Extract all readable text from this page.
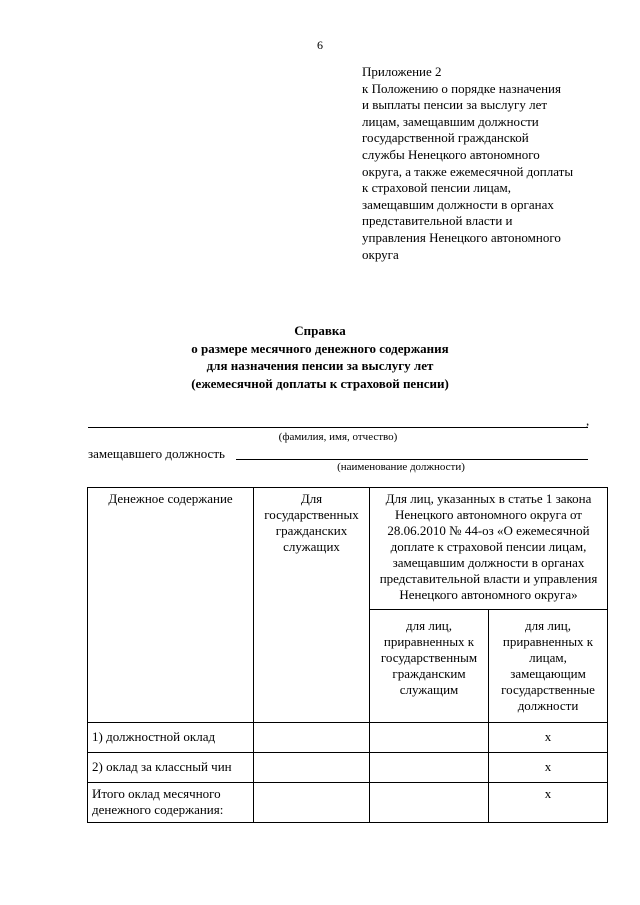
6
Приложение 2
к Положению о порядке назначения
и выплаты пенсии за выслугу лет
лицам, замещавшим должности
государственной гражданской
службы Ненецкого автономного
округа, а также ежемесячной доплаты
к страховой пенсии лицам,
замещавшим должности в органах
представительной власти и
управления Ненецкого автономного
округа
Справка
о размере месячного денежного содержания
для назначения пенсии за выслугу лет
(ежемесячной доплаты к страховой пенсии)
,
(фамилия, имя, отчество)
замещавшего должность
(наименование должности)
Денежное содержание	Для государственных гражданских служащих	Для лиц, указанных в статье 1 закона Ненецкого автономного округа от 28.06.2010 № 44-оз «О ежемесячной доплате к страховой пенсии лицам, замещавшим должности в органах представительной власти и управления Ненецкого автономного округа»	
		для лиц, приравненных к государственным гражданским служащим	для лиц, приравненных к лицам, замещающим государственные должности
1) должностной оклад			х
2) оклад за классный чин			х
Итого оклад месячного денежного содержания:			х
